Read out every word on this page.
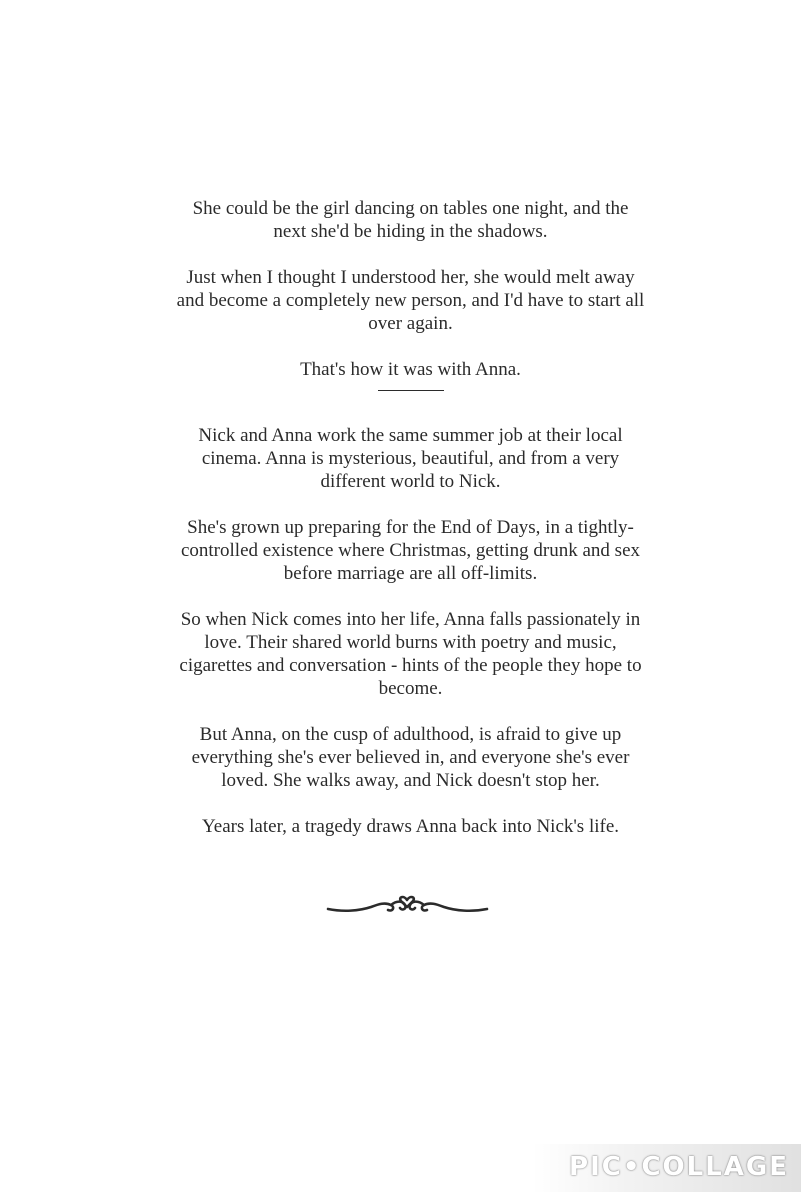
She could be the girl dancing on tables one night, and the
next she'd be hiding in the shadows.
Just when I thought I understood her, she would melt away
and become a completely new person, and I'd have to start all
over again.
That's how it was with Anna.
Nick and Anna work the same summer job at their local
cinema. Anna is mysterious, beautiful, and from a very
different world to Nick.
She's grown up preparing for the End of Days, in a tightly-
controlled existence where Christmas, getting drunk and sex
before marriage are all off-limits.
So when Nick comes into her life, Anna falls passionately in
love. Their shared world burns with poetry and music,
cigarettes and conversation - hints of the people they hope to
become.
But Anna, on the cusp of adulthood, is afraid to give up
everything she's ever believed in, and everyone she's ever
loved. She walks away, and Nick doesn't stop her.
Years later, a tragedy draws Anna back into Nick's life.
PIC•COLLAGE
